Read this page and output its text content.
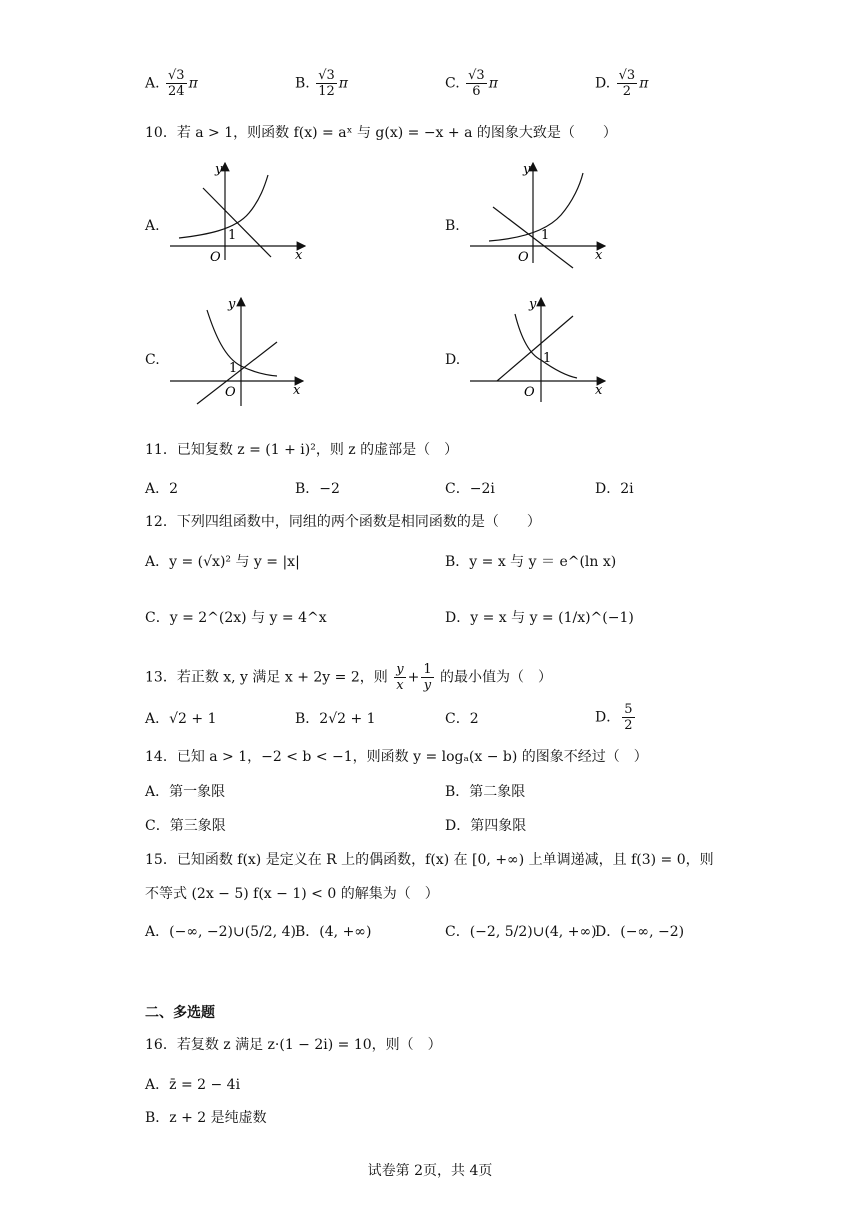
A. $\frac{√3}{24}$ π	B. $\frac{√3}{12}$ π	C. $\frac{√3}{6}$ π	D. $\frac{√3}{2}$ π
10．若 a > 1，则函数 f(x) = aˣ 与 g(x) = −x + a 的图象大致是（　　）
A.
y
x
O
1
B.
y
x
O
1
C.
y
x
O
1
D.
y
x
O
1
11．已知复数 z = (1 + i)²，则 z 的虚部是（　）
A．2	B．−2	C．−2i	D．2i
12．下列四组函数中，同组的两个函数是相同函数的是（　　）
A．y = (√x)² 与 y = |x|	B．y = x 与 y ＝ e^(ln x)
C．y = 2^(2x) 与 y = 4^x	D．y = x 与 y = (1/x)^(−1)
13．若正数 x, y 满足 x + 2y = 2，则 $\frac{y}{x} + \frac{1}{y}$ 的最小值为（　）
A．√2 + 1	B．2√2 + 1	C．2	D． $\frac{5}{2}$
14．已知 a > 1，−2 < b < −1，则函数 y = logₐ(x − b) 的图象不经过（　）
A．第一象限	B．第二象限
C．第三象限	D．第四象限
15．已知函数 f(x) 是定义在 R 上的偶函数，f(x) 在 [0, +∞) 上单调递减，且 f(3) = 0，则
不等式 (2x − 5) f(x − 1) < 0 的解集为（　）
A．(−∞, −2)∪(5/2, 4) B．(4, +∞)	C．(−2, 5/2)∪(4, +∞)
D．(−∞, −2)
二、多选题
16．若复数 z 满足 z·(1 − 2i) = 10，则（　）
A．z̄ = 2 − 4i
B．z + 2 是纯虚数
试卷第 2页，共 4页
